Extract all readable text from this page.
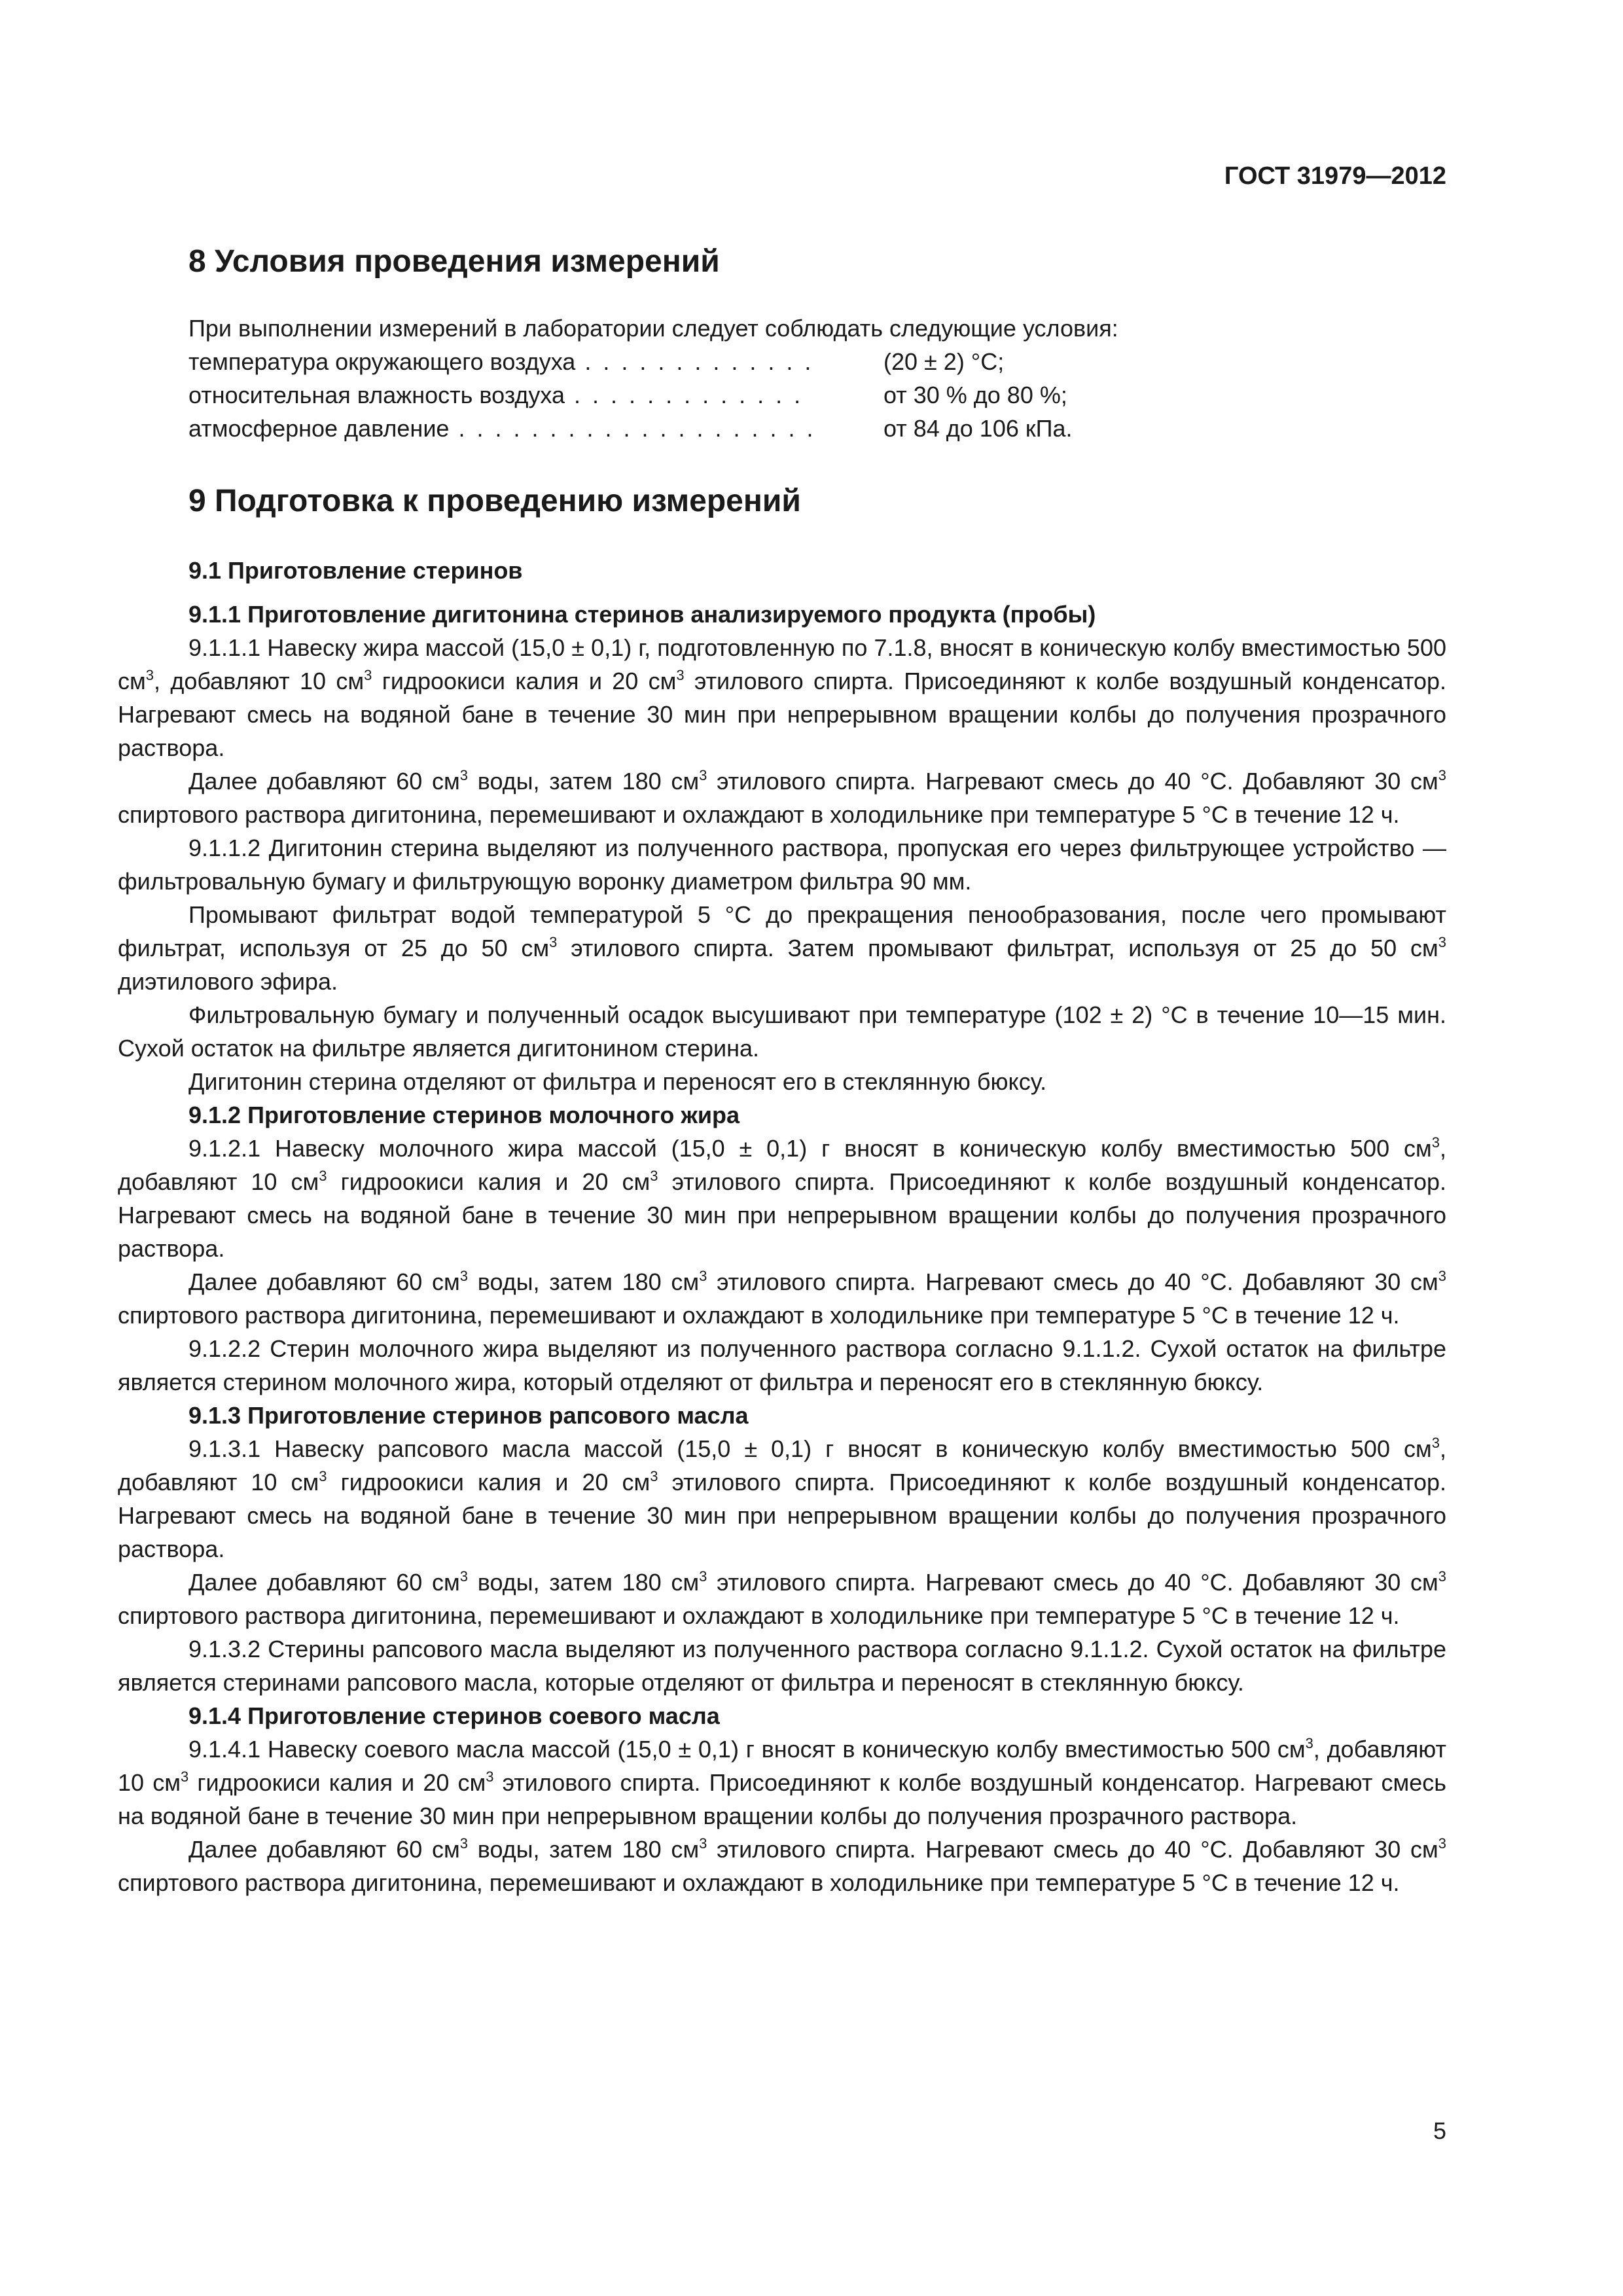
ГОСТ 31979—2012
8 Условия проведения измерений
При выполнении измерений в лаборатории следует соблюдать следующие условия:
температура окружающего воздуха . . . . . . . . . . . . .	(20 ± 2) °С;
относительная влажность воздуха . . . . . . . . . . . . .	от 30 % до 80 %;
атмосферное давление . . . . . . . . . . . . . . . . . . . .	от 84 до 106 кПа.
9 Подготовка к проведению измерений
9.1 Приготовление стеринов
9.1.1 Приготовление дигитонина стеринов анализируемого продукта (пробы)

9.1.1.1 Навеску жира массой (15,0 ± 0,1) г, подготовленную по 7.1.8, вносят в коническую колбу вместимостью 500 $см^3$, добавляют 10 $см^3$ гидроокиси калия и 20 $см^3$ этилового спирта. Присоединяют к колбе воздушный конденсатор. Нагревают смесь на водяной бане в течение 30 мин при непрерывном вращении колбы до получения прозрачного раствора.

Далее добавляют 60 $см^3$ воды, затем 180 $см^3$ этилового спирта. Нагревают смесь до 40 °С. Добавляют 30 $см^3$ спиртового раствора дигитонина, перемешивают и охлаждают в холодильнике при температуре 5 °С в течение 12 ч.

9.1.1.2 Дигитонин стерина выделяют из полученного раствора, пропуская его через фильтрующее устройство — фильтровальную бумагу и фильтрующую воронку диаметром фильтра 90 мм.

Промывают фильтрат водой температурой 5 °С до прекращения пенообразования, после чего промывают фильтрат, используя от 25 до 50 $см^3$ этилового спирта. Затем промывают фильтрат, используя от 25 до 50 $см^3$ диэтилового эфира.

Фильтровальную бумагу и полученный осадок высушивают при температуре (102 ± 2) °С в течение 10—15 мин. Сухой остаток на фильтре является дигитонином стерина.

Дигитонин стерина отделяют от фильтра и переносят его в стеклянную бюксу.

9.1.2 Приготовление стеринов молочного жира

9.1.2.1 Навеску молочного жира массой (15,0 ± 0,1) г вносят в коническую колбу вместимостью 500 $см^3$, добавляют 10 $см^3$ гидроокиси калия и 20 $см^3$ этилового спирта. Присоединяют к колбе воздушный конденсатор. Нагревают смесь на водяной бане в течение 30 мин при непрерывном вращении колбы до получения прозрачного раствора.

Далее добавляют 60 $см^3$ воды, затем 180 $см^3$ этилового спирта. Нагревают смесь до 40 °С. Добавляют 30 $см^3$ спиртового раствора дигитонина, перемешивают и охлаждают в холодильнике при температуре 5 °С в течение 12 ч.

9.1.2.2 Стерин молочного жира выделяют из полученного раствора согласно 9.1.1.2. Сухой остаток на фильтре является стерином молочного жира, который отделяют от фильтра и переносят его в стеклянную бюксу.

9.1.3 Приготовление стеринов рапсового масла

9.1.3.1 Навеску рапсового масла массой (15,0 ± 0,1) г вносят в коническую колбу вместимостью 500 $см^3$, добавляют 10 $см^3$ гидроокиси калия и 20 $см^3$ этилового спирта. Присоединяют к колбе воздушный конденсатор. Нагревают смесь на водяной бане в течение 30 мин при непрерывном вращении колбы до получения прозрачного раствора.

Далее добавляют 60 $см^3$ воды, затем 180 $см^3$ этилового спирта. Нагревают смесь до 40 °С. Добавляют 30 $см^3$ спиртового раствора дигитонина, перемешивают и охлаждают в холодильнике при температуре 5 °С в течение 12 ч.

9.1.3.2 Стерины рапсового масла выделяют из полученного раствора согласно 9.1.1.2. Сухой остаток на фильтре является стеринами рапсового масла, которые отделяют от фильтра и переносят в стеклянную бюксу.

9.1.4 Приготовление стеринов соевого масла

9.1.4.1 Навеску соевого масла массой (15,0 ± 0,1) г вносят в коническую колбу вместимостью 500 $см^3$, добавляют 10 $см^3$ гидроокиси калия и 20 $см^3$ этилового спирта. Присоединяют к колбе воздушный конденсатор. Нагревают смесь на водяной бане в течение 30 мин при непрерывном вращении колбы до получения прозрачного раствора.

Далее добавляют 60 $см^3$ воды, затем 180 $см^3$ этилового спирта. Нагревают смесь до 40 °С. Добавляют 30 $см^3$ спиртового раствора дигитонина, перемешивают и охлаждают в холодильнике при температуре 5 °С в течение 12 ч.

5
